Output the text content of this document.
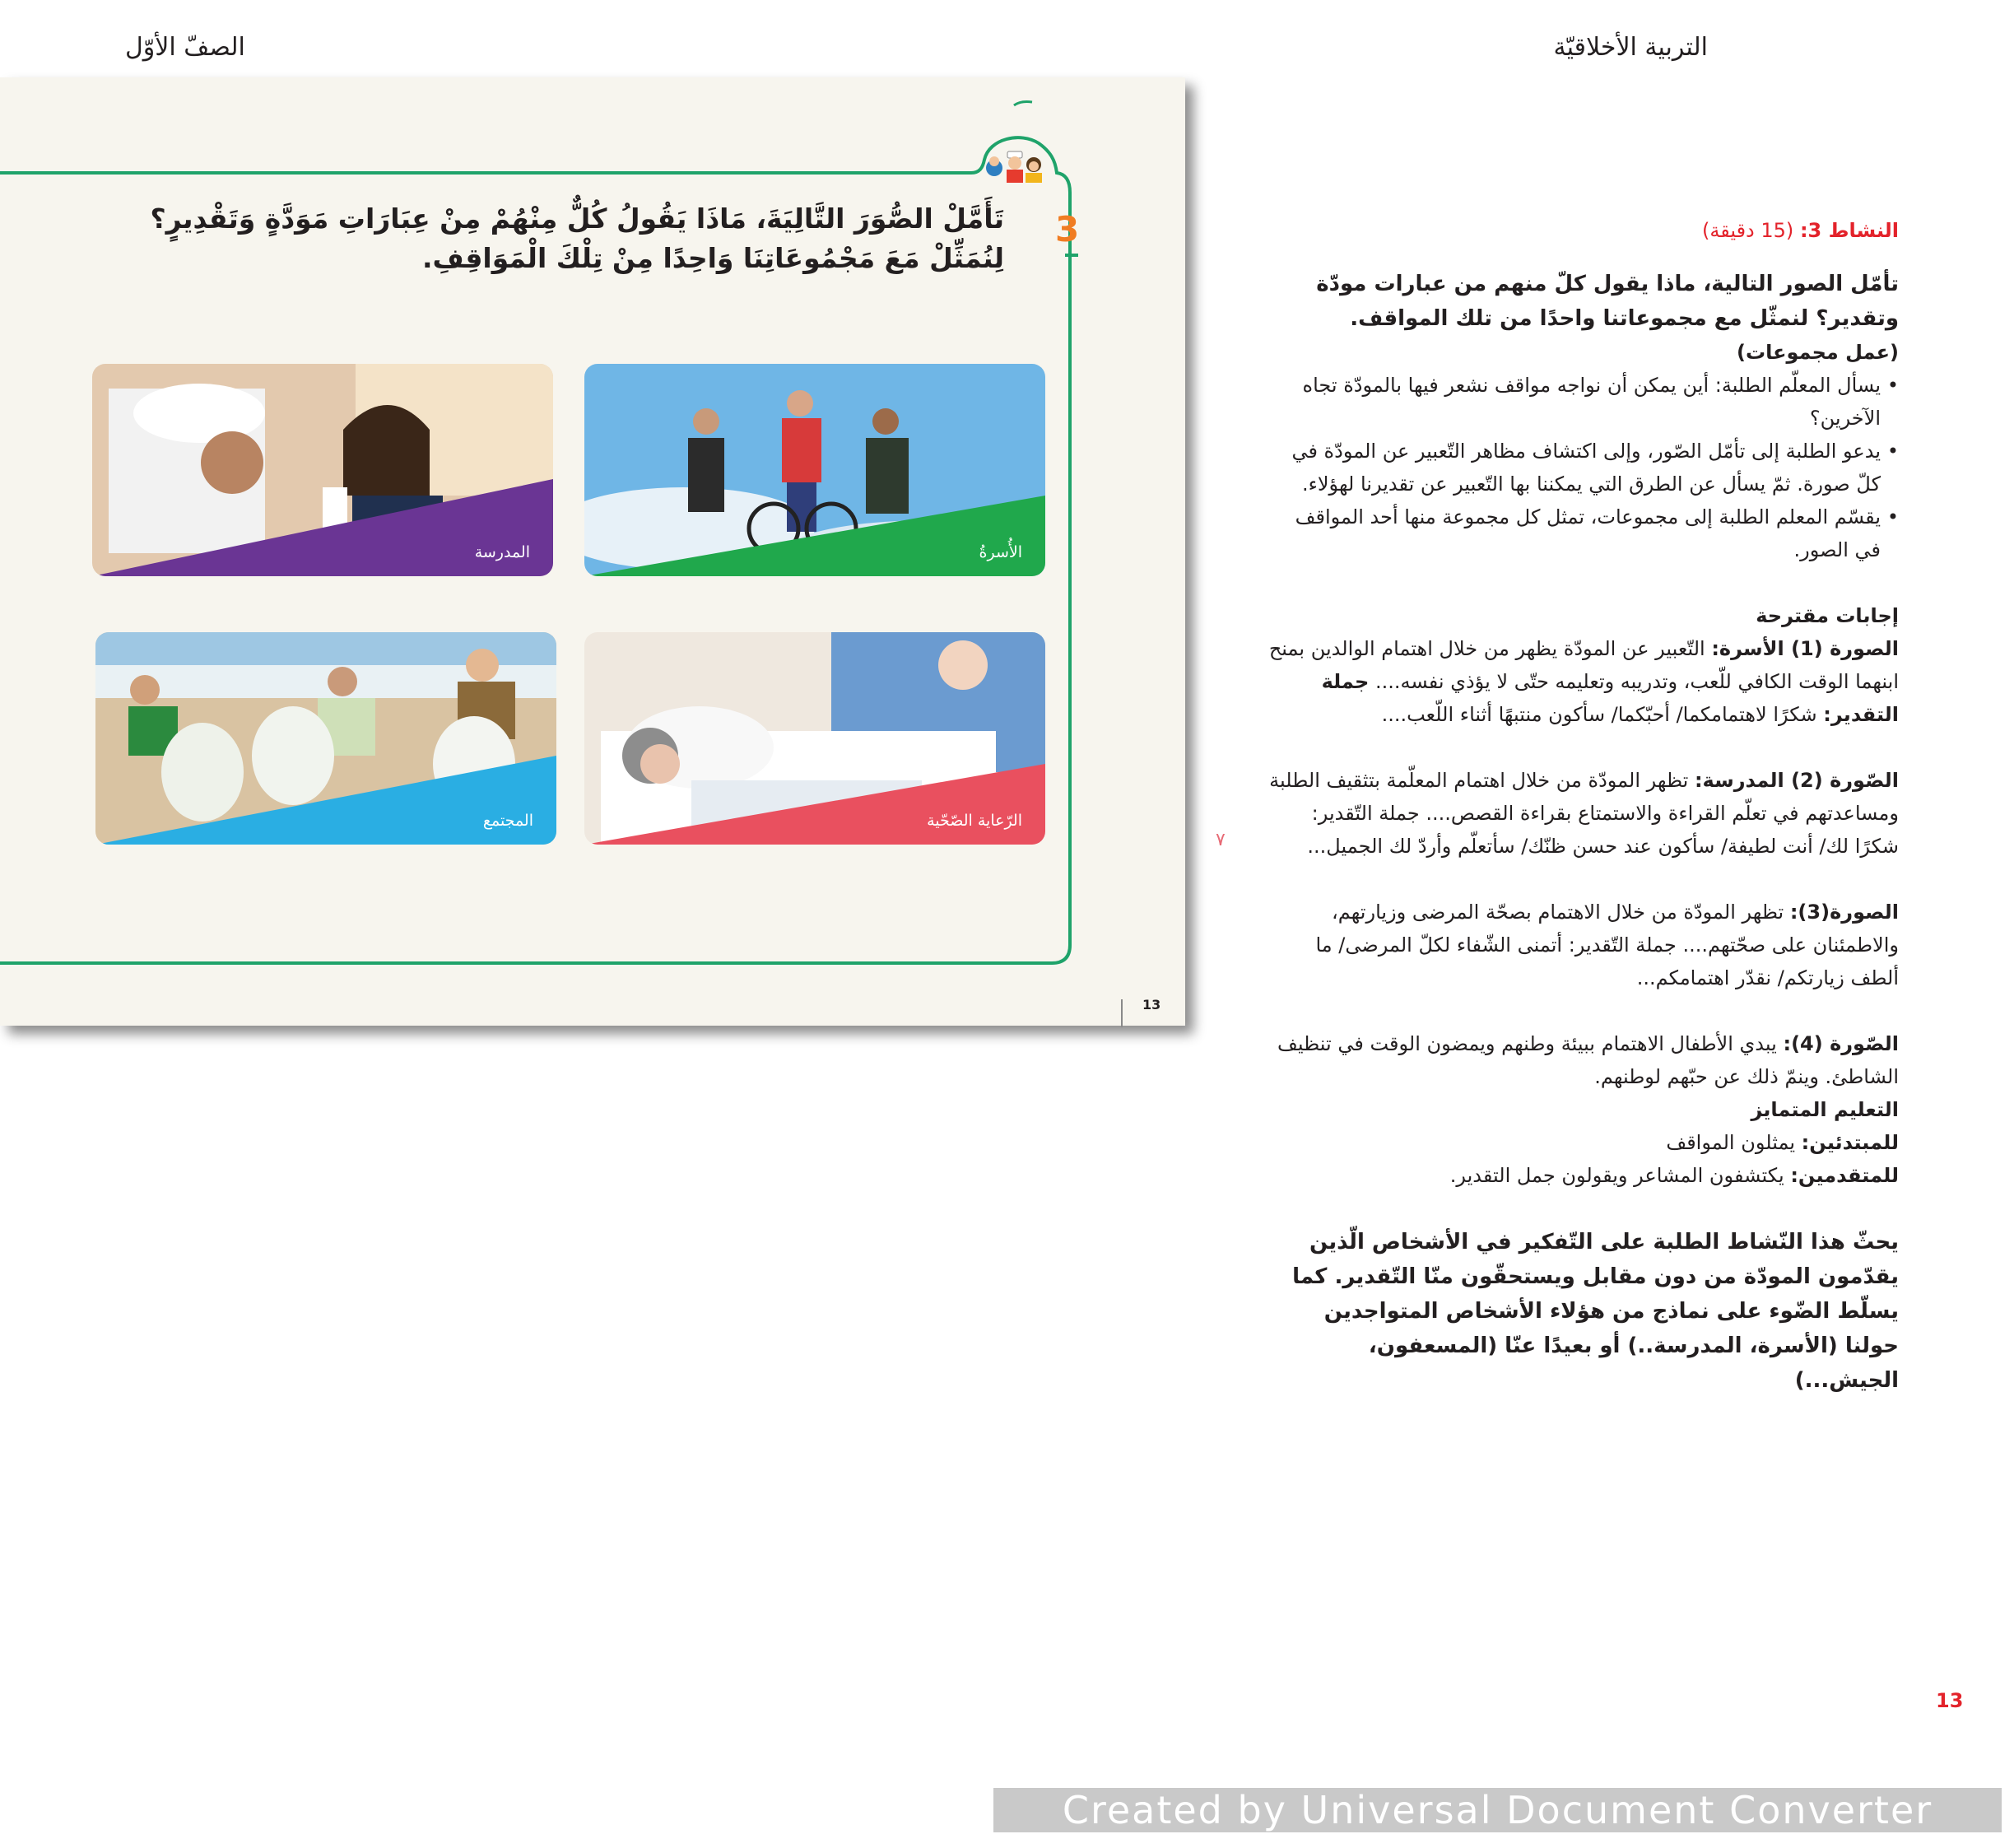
التربية الأخلاقيّة
الصفّ الأوّل
3
تَأَمَّلْ الصُّوَرَ التَّالِيَةَ، مَاذَا يَقُولُ كُلٌّ مِنْهُمْ مِنْ عِبَارَاتِ مَوَدَّةٍ وَتَقْدِيرٍ؟
لِنُمَثِّلْ مَعَ مَجْمُوعَاتِنَا وَاحِدًا مِنْ تِلْكَ الْمَوَاقِفِ.
الأُسرةُ
المدرسة
الرّعاية الصّحّية
المجتمع
13
٧

النشاط 3: (15 دقيقة)

تأمّل الصور التالية، ماذا يقول كلّ منهم من عبارات مودّة وتقدير؟ لنمثّل مع مجموعاتنا واحدًا من تلك المواقف.

(عمل مجموعات)

• يسأل المعلّم الطلبة: أين يمكن أن نواجه مواقف نشعر فيها بالمودّة تجاه الآخرين؟

• يدعو الطلبة إلى تأمّل الصّور، وإلى اكتشاف مظاهر التّعبير عن المودّة في كلّ صورة. ثمّ يسأل عن الطرق التي يمكننا بها التّعبير عن تقديرنا لهؤلاء.

• يقسّم المعلم الطلبة إلى مجموعات، تمثل كل مجموعة منها أحد المواقف في الصور.

إجابات مقترحة

الصورة (1) الأسرة: التّعبير عن المودّة يظهر من خلال اهتمام الوالدين بمنح ابنهما الوقت الكافي للّعب، وتدريبه وتعليمه حتّى لا يؤذي نفسه.... جملة التقدير: شكرًا لاهتمامكما/ أحبّكما/ سأكون منتبهًا أثناء اللّعب....

الصّورة (2) المدرسة: تظهر المودّة من خلال اهتمام المعلّمة بتثقيف الطلبة ومساعدتهم في تعلّم القراءة والاستمتاع بقراءة القصص.... جملة التّقدير: شكرًا لك/ أنت لطيفة/ سأكون عند حسن ظنّك/ سأتعلّم وأردّ لك الجميل...

الصورة(3): تظهر المودّة من خلال الاهتمام بصحّة المرضى وزيارتهم، والاطمئنان على صحّتهم.... جملة التّقدير: أتمنى الشّفاء لكلّ المرضى/ ما ألطف زيارتكم/ نقدّر اهتمامكم...

الصّورة (4): يبدي الأطفال الاهتمام ببيئة وطنهم ويمضون الوقت في تنظيف الشاطئ. وينمّ ذلك عن حبّهم لوطنهم.

التعليم المتمايز

للمبتدئين: يمثلون المواقف

للمتقدمين: يكتشفون المشاعر ويقولون جمل التقدير.

يحثّ هذا النّشاط الطلبة على التّفكير في الأشخاص الّذين يقدّمون المودّة من دون مقابل ويستحقّون منّا التّقدير. كما يسلّط الضّوء على نماذج من هؤلاء الأشخاص المتواجدين حولنا (الأسرة، المدرسة..) أو بعيدًا عنّا (المسعفون، الجيش...)

13
Created by Universal Document Converter
